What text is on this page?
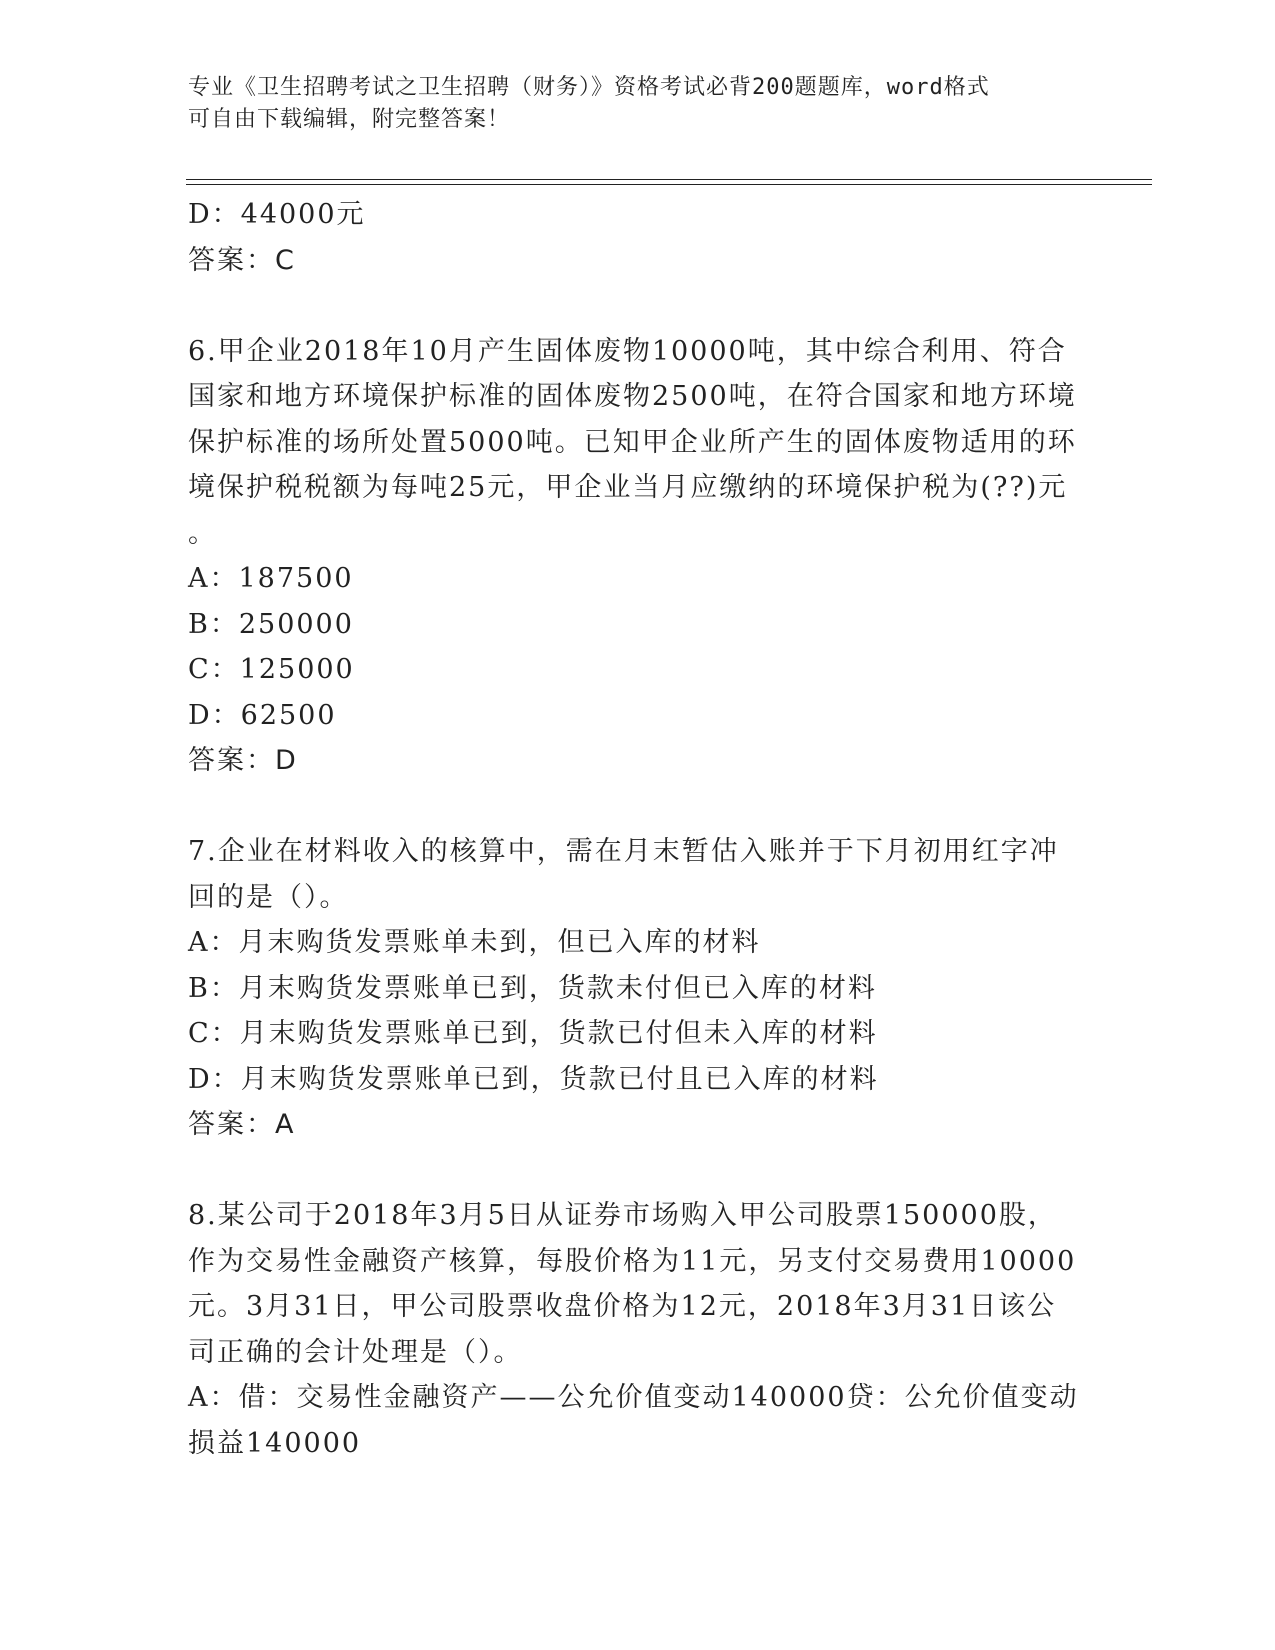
专业《卫生招聘考试之卫生招聘（财务）》资格考试必背200题题库，word格式
可自由下载编辑，附完整答案！
D：44000元
答案：C
6.甲企业2018年10月产生固体废物10000吨，其中综合利用、符合
国家和地方环境保护标准的固体废物2500吨，在符合国家和地方环境
保护标准的场所处置5000吨。已知甲企业所产生的固体废物适用的环
境保护税税额为每吨25元，甲企业当月应缴纳的环境保护税为(??)元
。
A：187500
B：250000
C：125000
D：62500
答案：D
7.企业在材料收入的核算中，需在月末暂估入账并于下月初用红字冲
回的是（）。
A：月末购货发票账单未到，但已入库的材料
B：月末购货发票账单已到，货款未付但已入库的材料
C：月末购货发票账单已到，货款已付但未入库的材料
D：月末购货发票账单已到，货款已付且已入库的材料
答案：A
8.某公司于2018年3月5日从证券市场购入甲公司股票150000股，
作为交易性金融资产核算，每股价格为11元，另支付交易费用10000
元。3月31日，甲公司股票收盘价格为12元，2018年3月31日该公
司正确的会计处理是（）。
A：借：交易性金融资产——公允价值变动140000贷：公允价值变动
损益140000
